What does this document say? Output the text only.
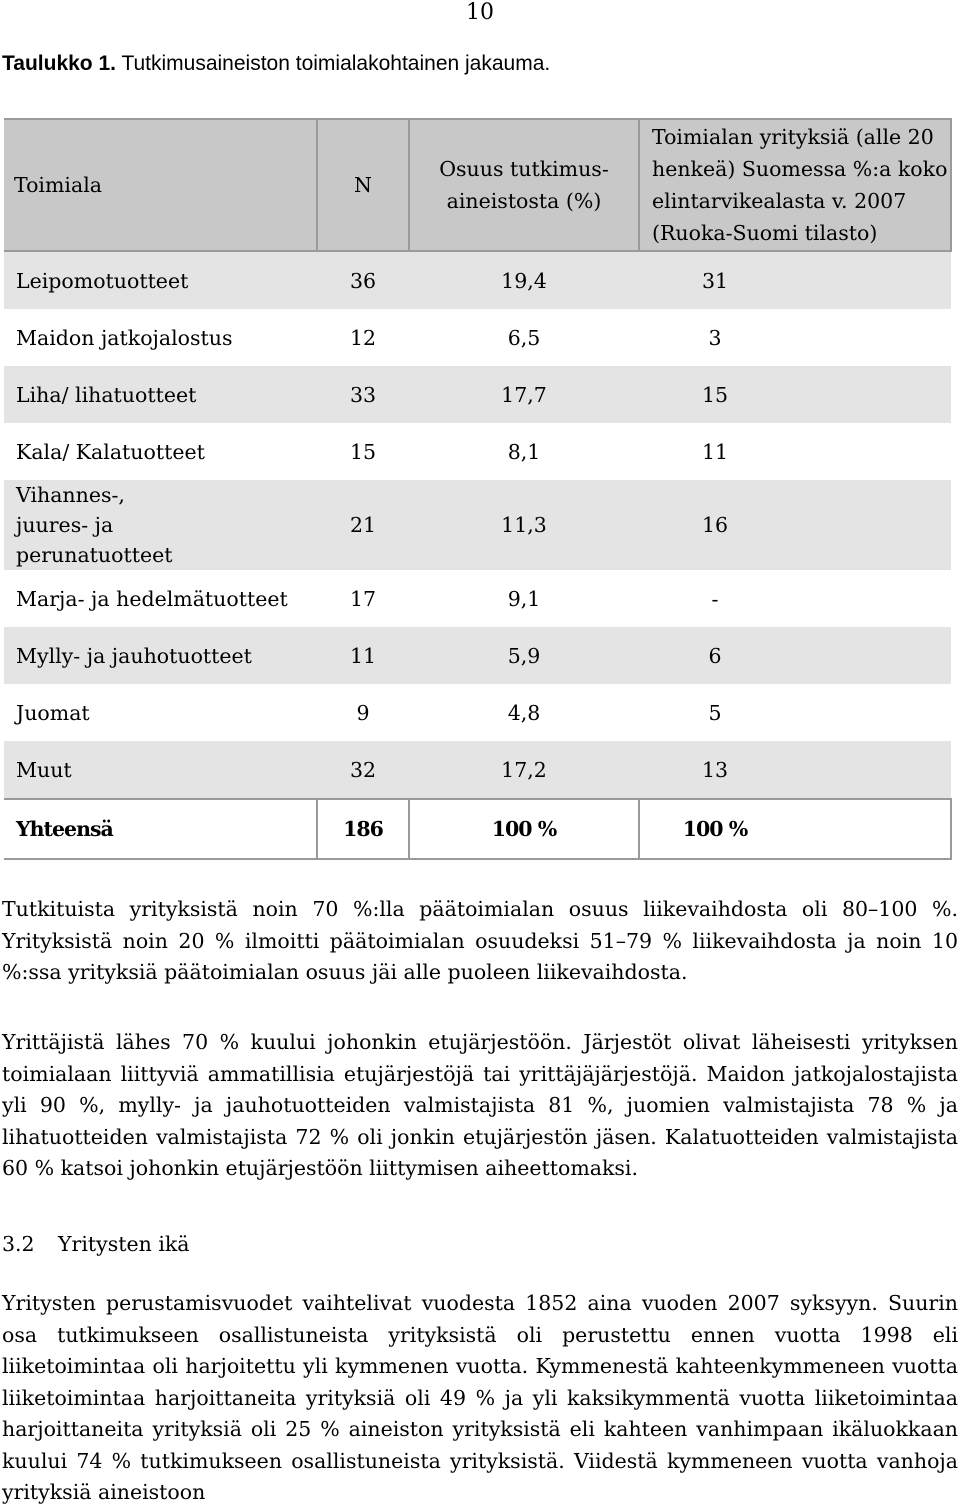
10
Taulukko 1. Tutkimusaineiston toimialakohtainen jakauma.
Toimiala	N	Osuus tutkimus-aineistosta (%)	Toimialan yrityksiä (alle 20 henkeä) Suomessa %:a koko elintarvikealasta v. 2007 (Ruoka-Suomi tilasto)
Leipomotuotteet	36	19,4	31
Maidon jatkojalostus	12	6,5	3
Liha/ lihatuotteet	33	17,7	15
Kala/ Kalatuotteet	15	8,1	11
Vihannes-, juures- ja perunatuotteet	21	11,3	16
Marja- ja hedelmätuotteet	17	9,1	-
Mylly- ja jauhotuotteet	11	5,9	6
Juomat	9	4,8	5
Muut	32	17,2	13
Yhteensä	186	100 %	100 %
Tutkituista yrityksistä noin 70 %:lla päätoimialan osuus liikevaihdosta oli 80–100 %. Yrityksistä noin 20 % ilmoitti päätoimialan osuudeksi 51–79 % liikevaihdosta ja noin 10 %:ssa yrityksiä päätoimialan osuus jäi alle puoleen liikevaihdosta.
Yrittäjistä lähes 70 % kuului johonkin etujärjestöön. Järjestöt olivat läheisesti yrityksen toimialaan liittyviä ammatillisia etujärjestöjä tai yrittäjäjärjestöjä. Maidon jatkojalostajista yli 90 %, mylly- ja jauhotuotteiden valmistajista 81 %, juomien valmistajista 78 % ja lihatuotteiden valmistajista 72 % oli jonkin etujärjestön jäsen. Kalatuotteiden valmistajista 60 % katsoi johonkin etujärjestöön liittymisen aiheettomaksi.
3.2 Yritysten ikä
Yritysten perustamisvuodet vaihtelivat vuodesta 1852 aina vuoden 2007 syksyyn. Suurin osa tutkimukseen osallistuneista yrityksistä oli perustettu ennen vuotta 1998 eli liiketoimintaa oli harjoitettu yli kymmenen vuotta. Kymmenestä kahteenkymmeneen vuotta liiketoimintaa harjoittaneita yrityksiä oli 49 % ja yli kaksikymmentä vuotta liiketoimintaa harjoittaneita yrityksiä oli 25 % aineiston yrityksistä eli kahteen vanhimpaan ikäluokkaan kuului 74 % tutkimukseen osallistuneista yrityksistä. Viidestä kymmeneen vuotta vanhoja yrityksiä aineistoon
